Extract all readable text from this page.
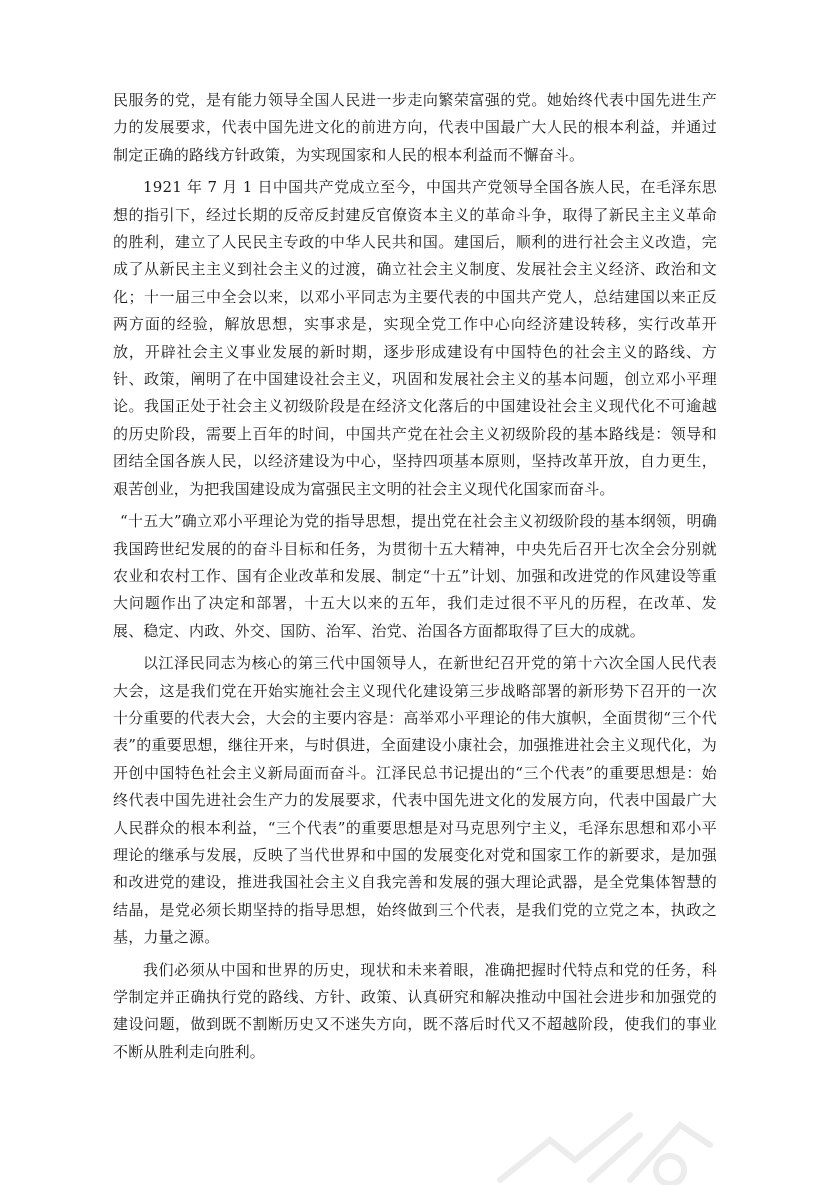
民服务的党，是有能力领导全国人民进一步走向繁荣富强的党。她始终代表中国先进生产力的发展要求，代表中国先进文化的前进方向，代表中国最广大人民的根本利益，并通过制定正确的路线方针政策，为实现国家和人民的根本利益而不懈奋斗。

1921 年 7 月 1 日中国共产党成立至今，中国共产党领导全国各族人民，在毛泽东思想的指引下，经过长期的反帝反封建反官僚资本主义的革命斗争，取得了新民主主义革命的胜利，建立了人民民主专政的中华人民共和国。建国后，顺利的进行社会主义改造，完成了从新民主主义到社会主义的过渡，确立社会主义制度、发展社会主义经济、政治和文化；十一届三中全会以来，以邓小平同志为主要代表的中国共产党人，总结建国以来正反两方面的经验，解放思想，实事求是，实现全党工作中心向经济建设转移，实行改革开放，开辟社会主义事业发展的新时期，逐步形成建设有中国特色的社会主义的路线、方针、政策，阐明了在中国建设社会主义，巩固和发展社会主义的基本问题，创立邓小平理论。我国正处于社会主义初级阶段是在经济文化落后的中国建设社会主义现代化不可逾越的历史阶段，需要上百年的时间，中国共产党在社会主义初级阶段的基本路线是：领导和团结全国各族人民，以经济建设为中心，坚持四项基本原则，坚持改革开放，自力更生，艰苦创业，为把我国建设成为富强民主文明的社会主义现代化国家而奋斗。

“十五大”确立邓小平理论为党的指导思想，提出党在社会主义初级阶段的基本纲领，明确我国跨世纪发展的的奋斗目标和任务，为贯彻十五大精神，中央先后召开七次全会分别就农业和农村工作、国有企业改革和发展、制定“十五”计划、加强和改进党的作风建设等重大问题作出了决定和部署，十五大以来的五年，我们走过很不平凡的历程，在改革、发展、稳定、内政、外交、国防、治军、治党、治国各方面都取得了巨大的成就。

以江泽民同志为核心的第三代中国领导人，在新世纪召开党的第十六次全国人民代表大会，这是我们党在开始实施社会主义现代化建设第三步战略部署的新形势下召开的一次十分重要的代表大会，大会的主要内容是：高举邓小平理论的伟大旗帜，全面贯彻“三个代表”的重要思想，继往开来，与时俱进，全面建设小康社会，加强推进社会主义现代化，为开创中国特色社会主义新局面而奋斗。江泽民总书记提出的“三个代表”的重要思想是：始终代表中国先进社会生产力的发展要求，代表中国先进文化的发展方向，代表中国最广大人民群众的根本利益，“三个代表”的重要思想是对马克思列宁主义，毛泽东思想和邓小平理论的继承与发展，反映了当代世界和中国的发展变化对党和国家工作的新要求，是加强和改进党的建设，推进我国社会主义自我完善和发展的强大理论武器，是全党集体智慧的结晶，是党必须长期坚持的指导思想，始终做到三个代表，是我们党的立党之本，执政之基，力量之源。

我们必须从中国和世界的历史，现状和未来着眼，准确把握时代特点和党的任务，科学制定并正确执行党的路线、方针、政策、认真研究和解决推动中国社会进步和加强党的建设问题，做到既不割断历史又不迷失方向，既不落后时代又不超越阶段，使我们的事业不断从胜利走向胜利。
